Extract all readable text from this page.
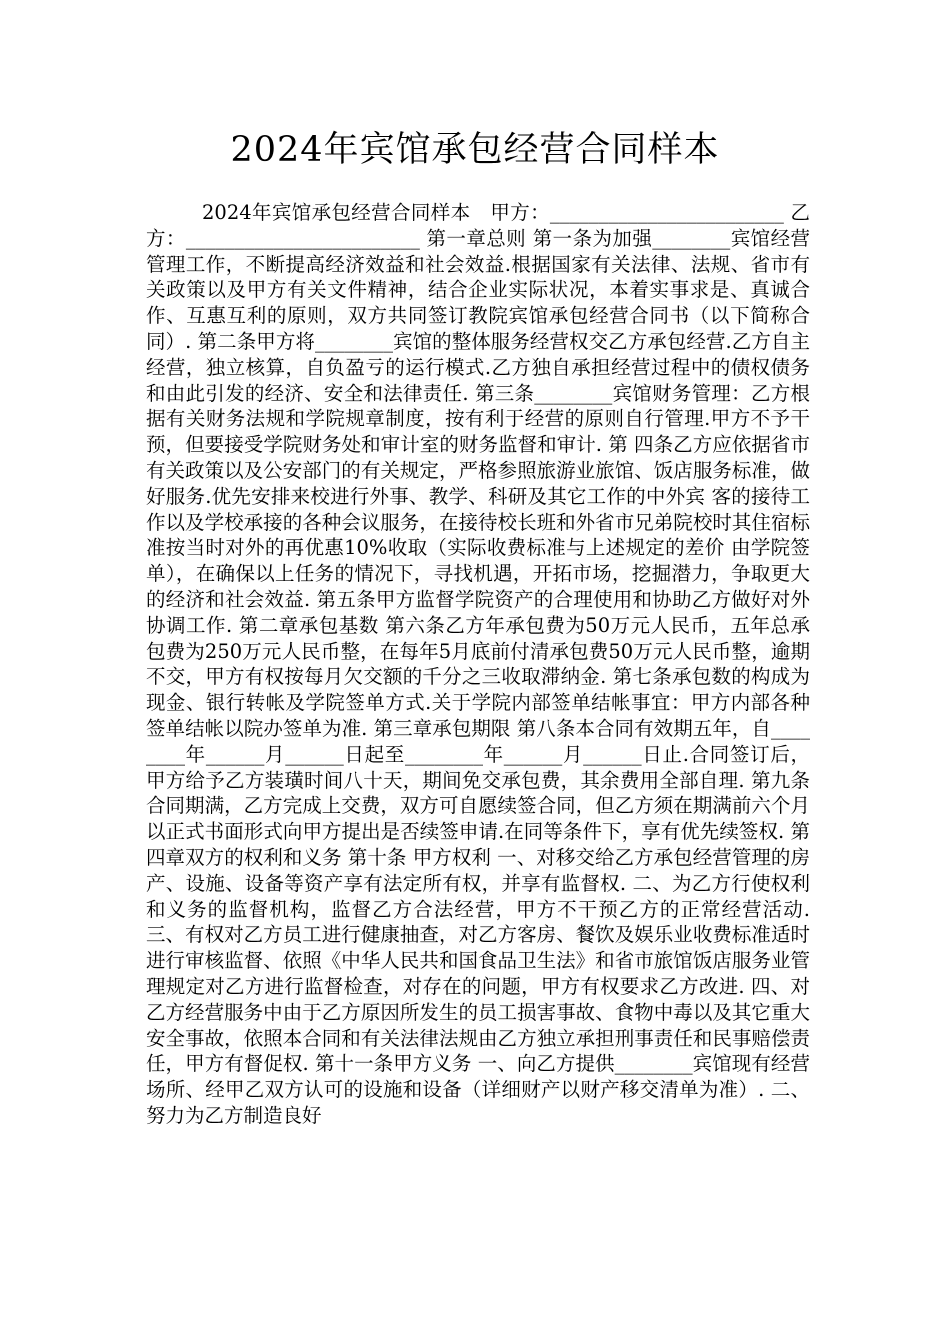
2024年宾馆承包经营合同样本

2024年宾馆承包经营合同样本　甲方：________________________ 乙方：________________________ 第一章总则 第一条为加强________宾馆经营管理工作，不断提高经济效益和社会效益.根据国家有关法律、法规、省市有关政策以及甲方有关文件精神，结合企业实际状况，本着实事求是、真诚合作、互惠互利的原则，双方共同签订教院宾馆承包经营合同书（以下简称合同）. 第二条甲方将________宾馆的整体服务经营权交乙方承包经营.乙方自主经营，独立核算，自负盈亏的运行模式.乙方独自承担经营过程中的债权债务和由此引发的经济、安全和法律责任. 第三条________宾馆财务管理：乙方根据有关财务法规和学院规章制度，按有利于经营的原则自行管理.甲方不予干预，但要接受学院财务处和审计室的财务监督和审计. 第 四条乙方应依据省市有关政策以及公安部门的有关规定，严格参照旅游业旅馆、饭店服务标准，做好服务.优先安排来校进行外事、教学、科研及其它工作的中外宾 客的接待工作以及学校承接的各种会议服务，在接待校长班和外省市兄弟院校时其住宿标准按当时对外的再优惠10%收取（实际收费标准与上述规定的差价 由学院签单），在确保以上任务的情况下，寻找机遇，开拓市场，挖掘潜力，争取更大的经济和社会效益. 第五条甲方监督学院资产的合理使用和协助乙方做好对外协调工作. 第二章承包基数 第六条乙方年承包费为50万元人民币，五年总承包费为250万元人民币整，在每年5月底前付清承包费50万元人民币整，逾期不交，甲方有权按每月欠交额的千分之三收取滞纳金. 第七条承包数的构成为现金、银行转帐及学院签单方式.关于学院内部签单结帐事宜：甲方内部各种签单结帐以院办签单为准. 第三章承包期限 第八条本合同有效期五年，自________年______月______日起至________年______月______日止.合同签订后，甲方给予乙方装璜时间八十天，期间免交承包费，其余费用全部自理. 第九条合同期满，乙方完成上交费，双方可自愿续签合同，但乙方须在期满前六个月以正式书面形式向甲方提出是否续签申请.在同等条件下，享有优先续签权. 第四章双方的权利和义务 第十条 甲方权利 一、对移交给乙方承包经营管理的房产、设施、设备等资产享有法定所有权，并享有监督权. 二、为乙方行使权利和义务的监督机构，监督乙方合法经营，甲方不干预乙方的正常经营活动. 三、有权对乙方员工进行健康抽查，对乙方客房、餐饮及娱乐业收费标准适时进行审核监督、依照《中华人民共和国食品卫生法》和省市旅馆饭店服务业管理规定对乙方进行监督检查，对存在的问题，甲方有权要求乙方改进. 四、对乙方经营服务中由于乙方原因所发生的员工损害事故、食物中毒以及其它重大安全事故，依照本合同和有关法律法规由乙方独立承担刑事责任和民事赔偿责任，甲方有督促权. 第十一条甲方义务 一、向乙方提供________宾馆现有经营场所、经甲乙双方认可的设施和设备（详细财产以财产移交清单为准）. 二、努力为乙方制造良好
